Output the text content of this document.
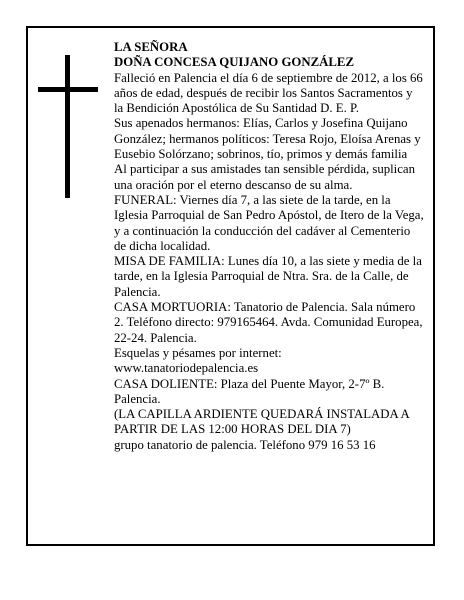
LA SEÑORA

DOÑA CONCESA QUIJANO GONZÁLEZ

Falleció en Palencia el día 6 de septiembre de 2012, a los 66 años de edad, después de recibir los Santos Sacramentos y la Bendición Apostólica de Su Santidad D. E. P.

Sus apenados hermanos: Elías, Carlos y Josefina Quijano González; hermanos políticos: Teresa Rojo, Eloísa Arenas y Eusebio Solórzano; sobrinos, tío, primos y demás familia

Al participar a sus amistades tan sensible pérdida, suplican una oración por el eterno descanso de su alma.

FUNERAL: Viernes día 7, a las siete de la tarde, en la Iglesia Parroquial de San Pedro Apóstol, de Itero de la Vega, y a continuación la conducción del cadáver al Cementerio de dicha localidad.

MISA DE FAMILIA: Lunes día 10, a las siete y media de la tarde, en la Iglesia Parroquial de Ntra. Sra. de la Calle, de Palencia.

CASA MORTUORIA: Tanatorio de Palencia. Sala número 2. Teléfono directo: 979165464. Avda. Comunidad Europea, 22-24. Palencia.

Esquelas y pésames por internet: www.tanatoriodepalencia.es

CASA DOLIENTE: Plaza del Puente Mayor, 2-7º B. Palencia.

(LA CAPILLA ARDIENTE QUEDARÁ INSTALADA A PARTIR DE LAS 12:00 HORAS DEL DIA 7)

grupo tanatorio de palencia. Teléfono 979 16 53 16
